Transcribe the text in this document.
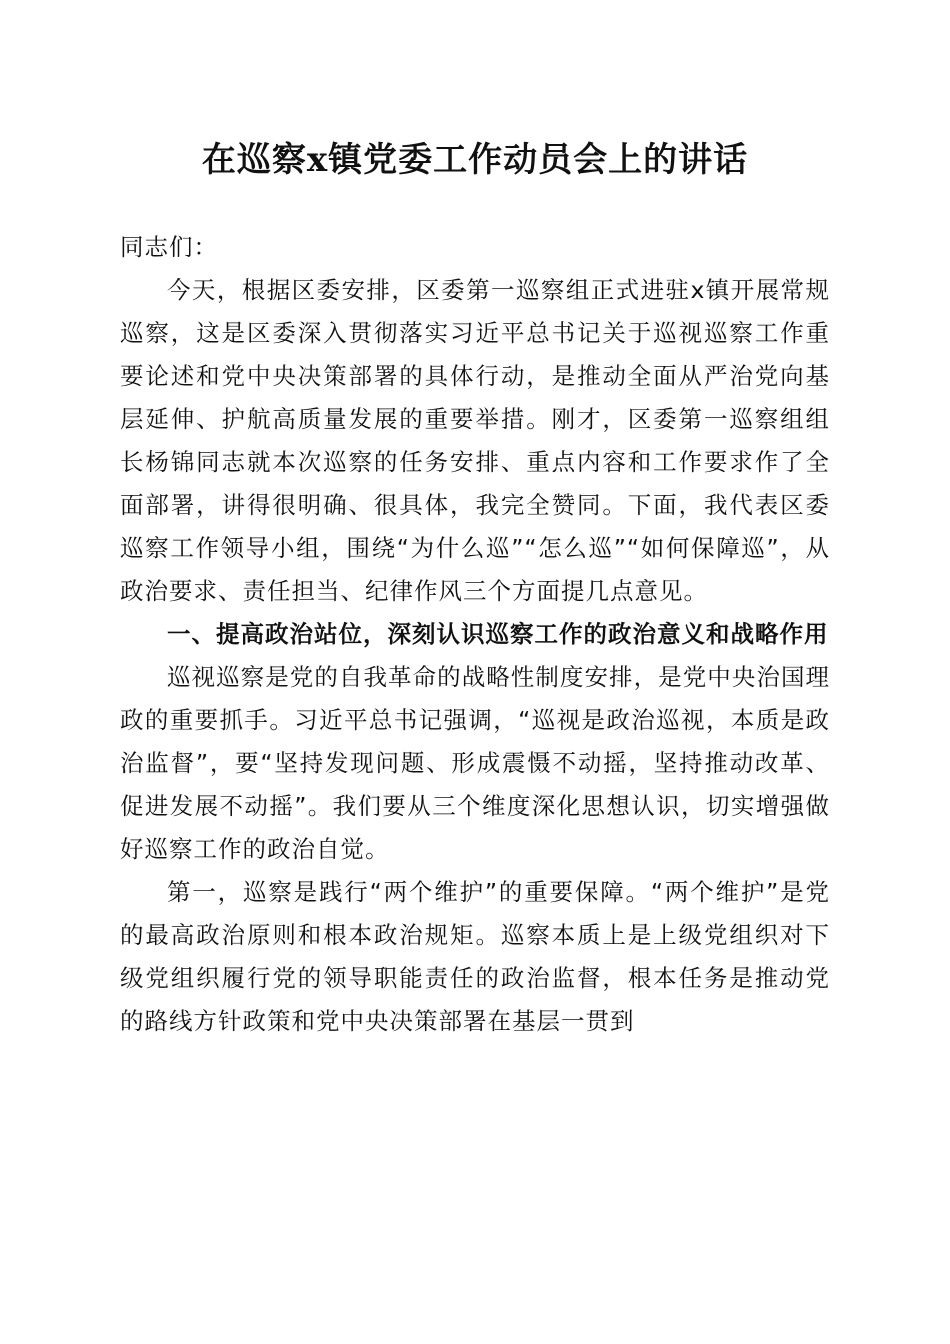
在巡察x镇党委工作动员会上的讲话

同志们：

今天，根据区委安排，区委第一巡察组正式进驻x镇开展常规巡察，这是区委深入贯彻落实习近平总书记关于巡视巡察工作重要论述和党中央决策部署的具体行动，是推动全面从严治党向基层延伸、护航高质量发展的重要举措。刚才，区委第一巡察组组长杨锦同志就本次巡察的任务安排、重点内容和工作要求作了全面部署，讲得很明确、很具体，我完全赞同。下面，我代表区委巡察工作领导小组，围绕“为什么巡”“怎么巡”“如何保障巡”，从政治要求、责任担当、纪律作风三个方面提几点意见。

一、提高政治站位，深刻认识巡察工作的政治意义和战略作用

巡视巡察是党的自我革命的战略性制度安排，是党中央治国理政的重要抓手。习近平总书记强调，“巡视是政治巡视，本质是政治监督”，要“坚持发现问题、形成震慑不动摇，坚持推动改革、促进发展不动摇”。我们要从三个维度深化思想认识，切实增强做好巡察工作的政治自觉。

第一，巡察是践行“两个维护”的重要保障。“两个维护”是党的最高政治原则和根本政治规矩。巡察本质上是上级党组织对下级党组织履行党的领导职能责任的政治监督，根本任务是推动党的路线方针政策和党中央决策部署在基层一贯到
